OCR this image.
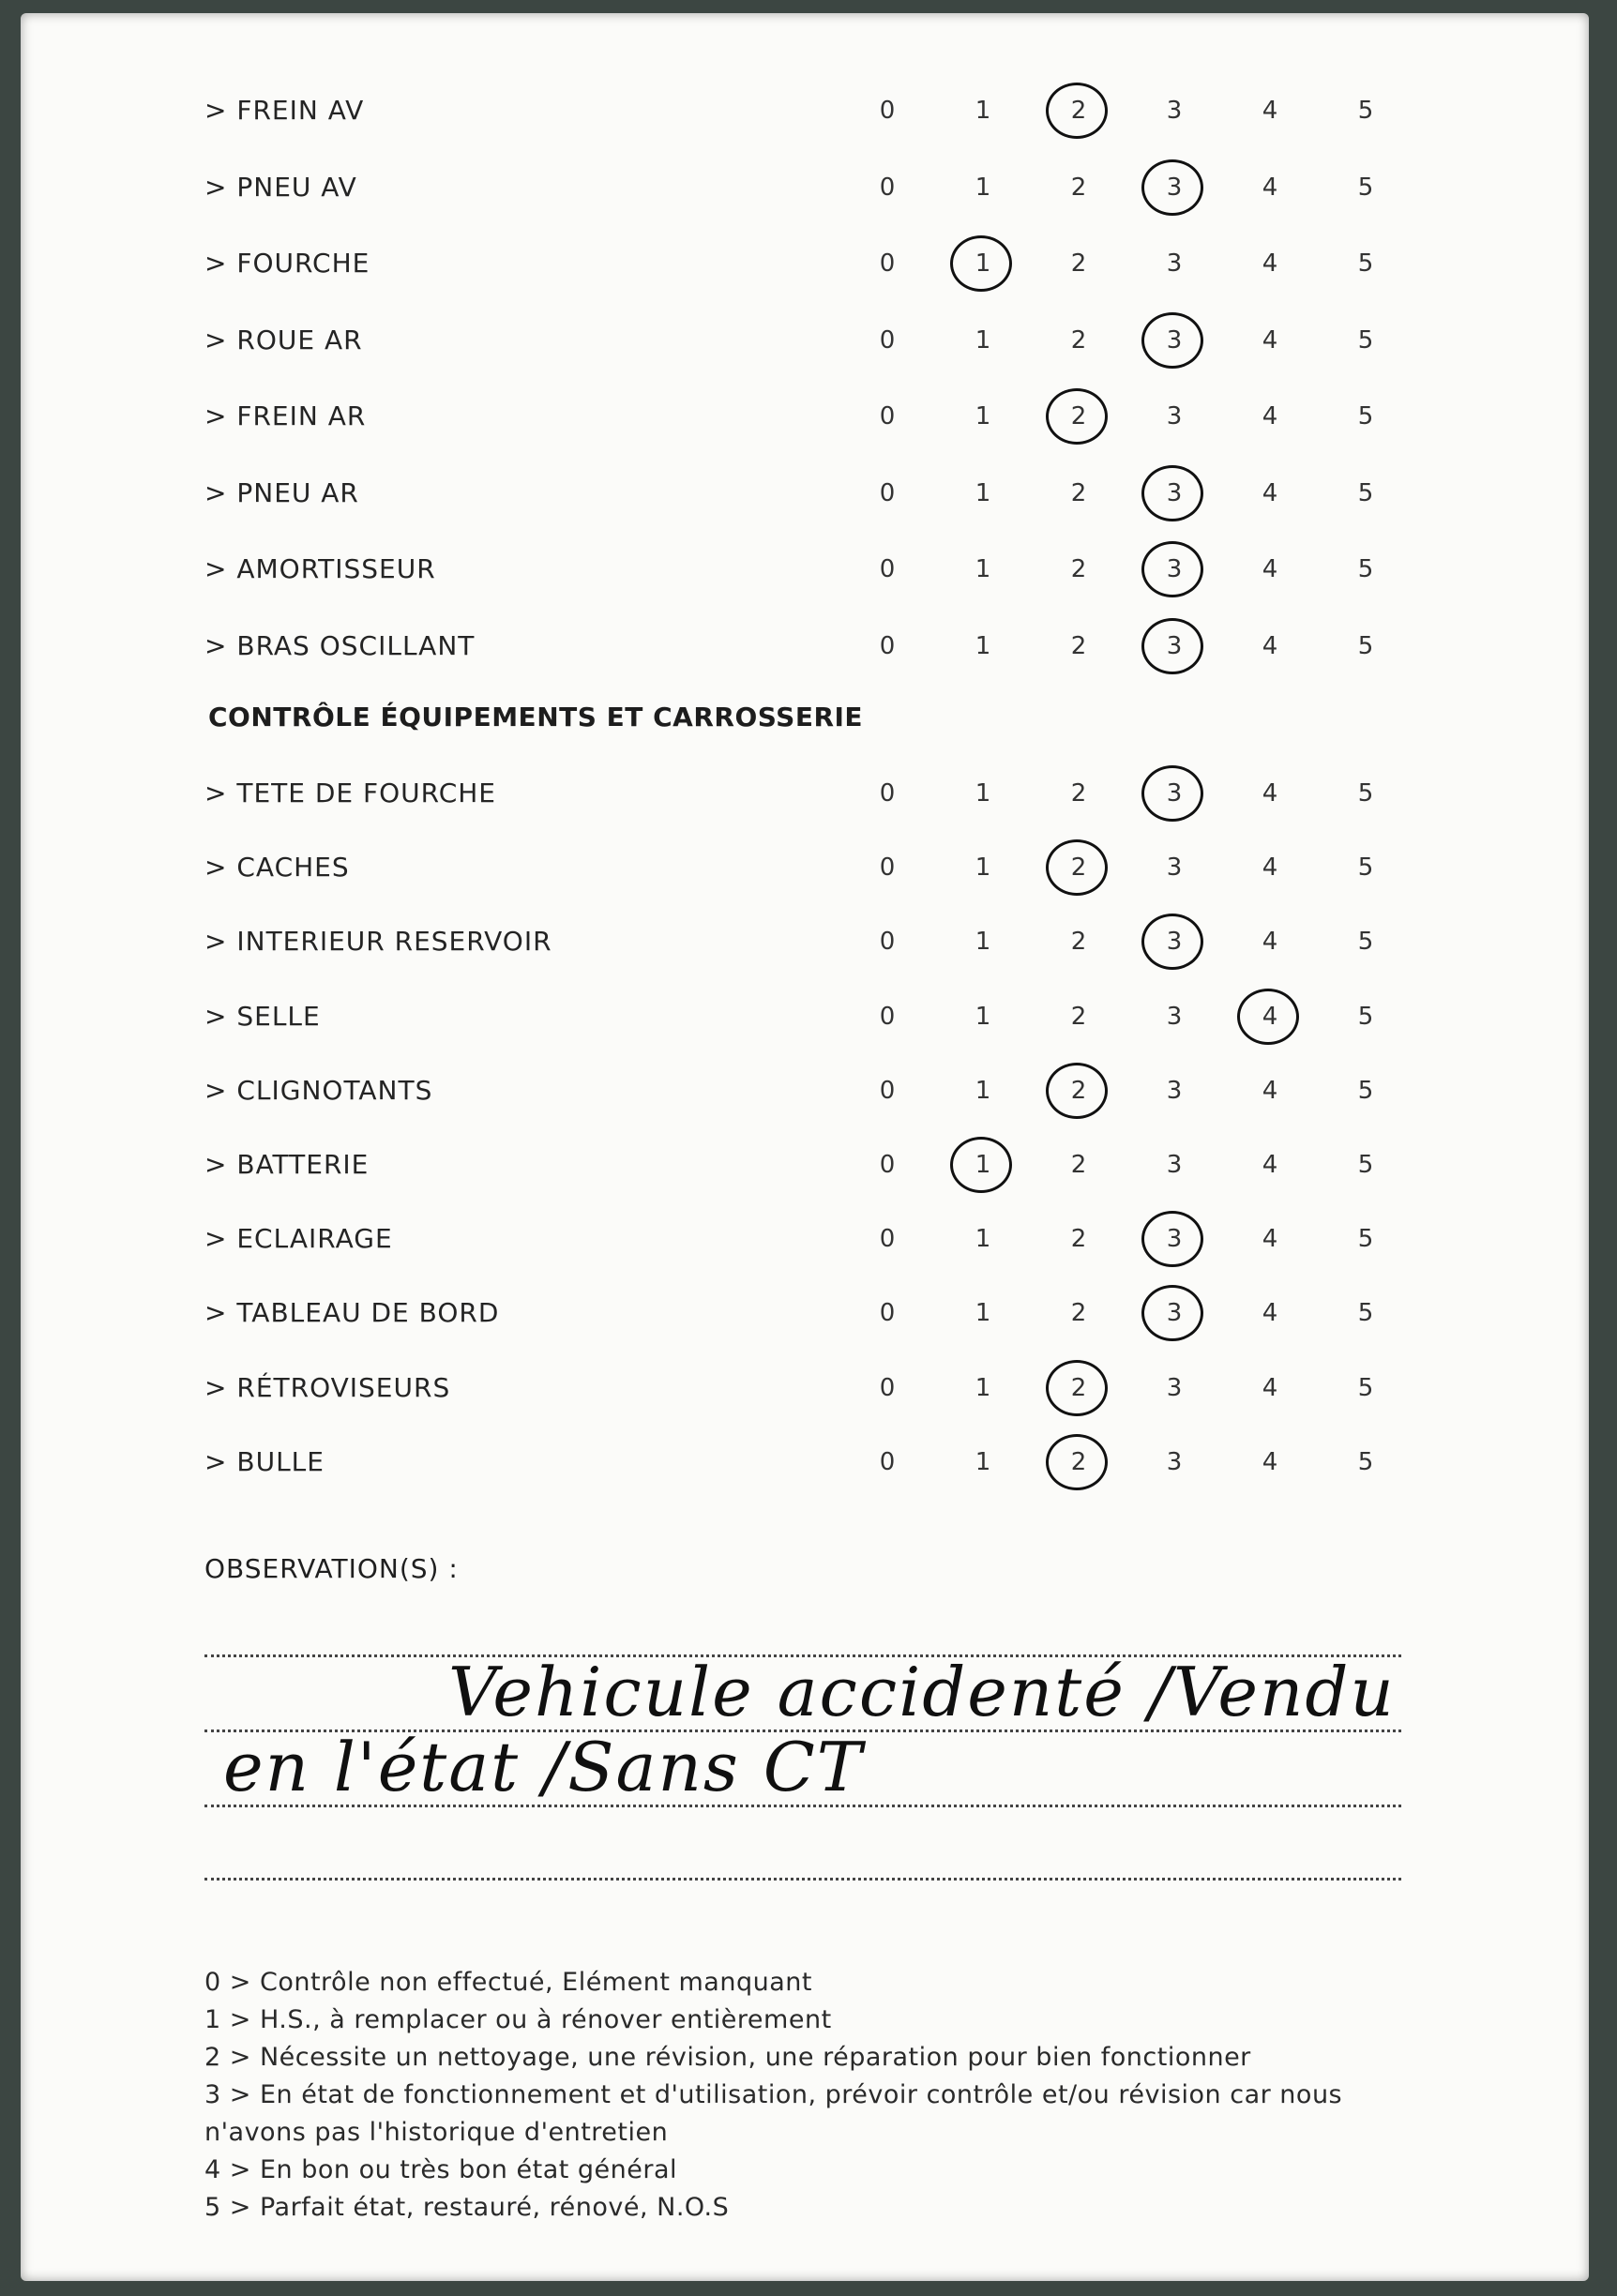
> FREIN AV	0	1	2	3	4	5
> PNEU AV	0	1	2	3	4	5
> FOURCHE	0	1	2	3	4	5
> ROUE AR	0	1	2	3	4	5
> FREIN AR	0	1	2	3	4	5
> PNEU AR	0	1	2	3	4	5
> AMORTISSEUR	0	1	2	3	4	5
> BRAS OSCILLANT	0	1	2	3	4	5
CONTRÔLE ÉQUIPEMENTS ET CARROSSERIE
> TETE DE FOURCHE	0	1	2	3	4	5
> CACHES	0	1	2	3	4	5
> INTERIEUR RESERVOIR	0	1	2	3	4	5
> SELLE	0	1	2	3	4	5
> CLIGNOTANTS	0	1	2	3	4	5
> BATTERIE	0	1	2	3	4	5
> ECLAIRAGE	0	1	2	3	4	5
> TABLEAU DE BORD	0	1	2	3	4	5
> RÉTROVISEURS	0	1	2	3	4	5
> BULLE	0	1	2	3	4	5
OBSERVATION(S) :
Vehicule accidenté /Vendu
en l'état /Sans CT
0 > Contrôle non effectué, Elément manquant
1 > H.S., à remplacer ou à rénover entièrement
2 > Nécessite un nettoyage, une révision, une réparation pour bien fonctionner
3 > En état de fonctionnement et d'utilisation, prévoir contrôle et/ou révision car nous n'avons pas l'historique d'entretien
4 > En bon ou très bon état général
5 > Parfait état, restauré, rénové, N.O.S
